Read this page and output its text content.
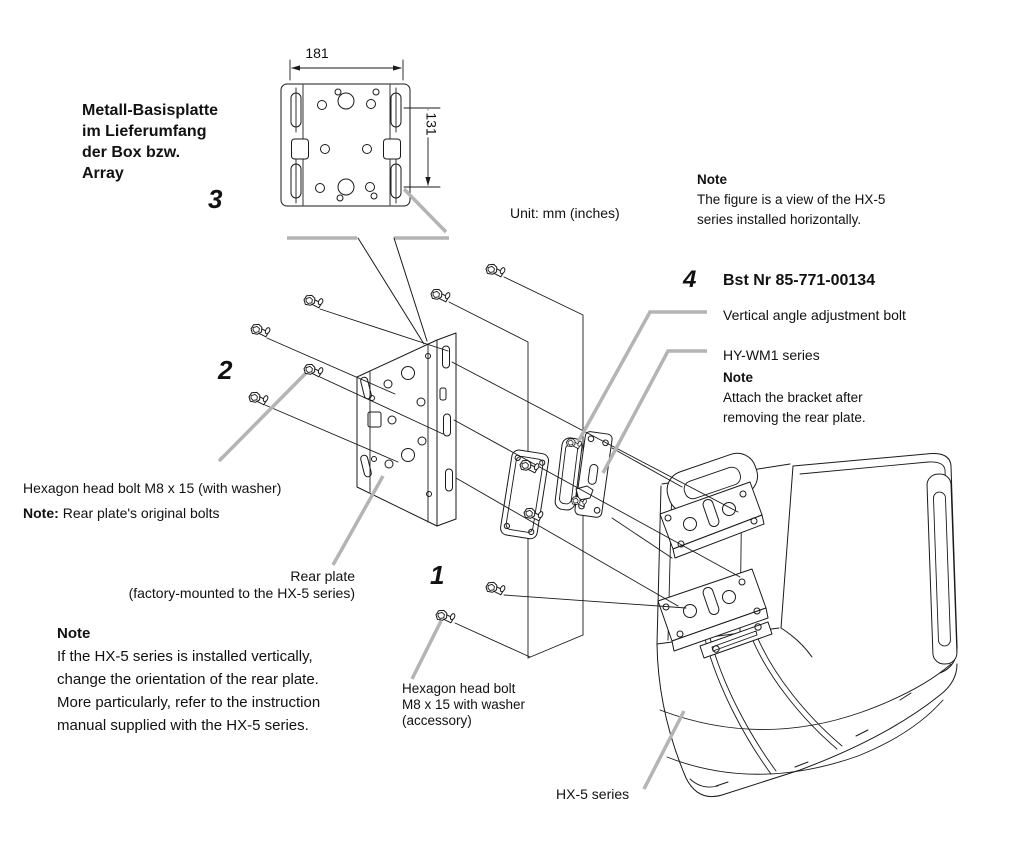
Metall-Basisplatte
im Lieferumfang
der Box bzw.
Array
3
181
131
Unit: mm (inches)
Note
The figure is a view of the HX-5
series installed horizontally.
4 Bst Nr 85-771-00134
Vertical angle adjustment bolt
HY-WM1 series
Note
Attach the bracket after
removing the rear plate.
2
Hexagon head bolt M8 x 15 (with washer)
Note: Rear plate's original bolts
Rear plate
(factory-mounted to the HX-5 series)
1
Note
If the HX-5 series is installed vertically,
change the orientation of the rear plate.
More particularly, refer to the instruction
manual supplied with the HX-5 series.
Hexagon head bolt
M8 x 15 with washer
(accessory)
HX-5 series
